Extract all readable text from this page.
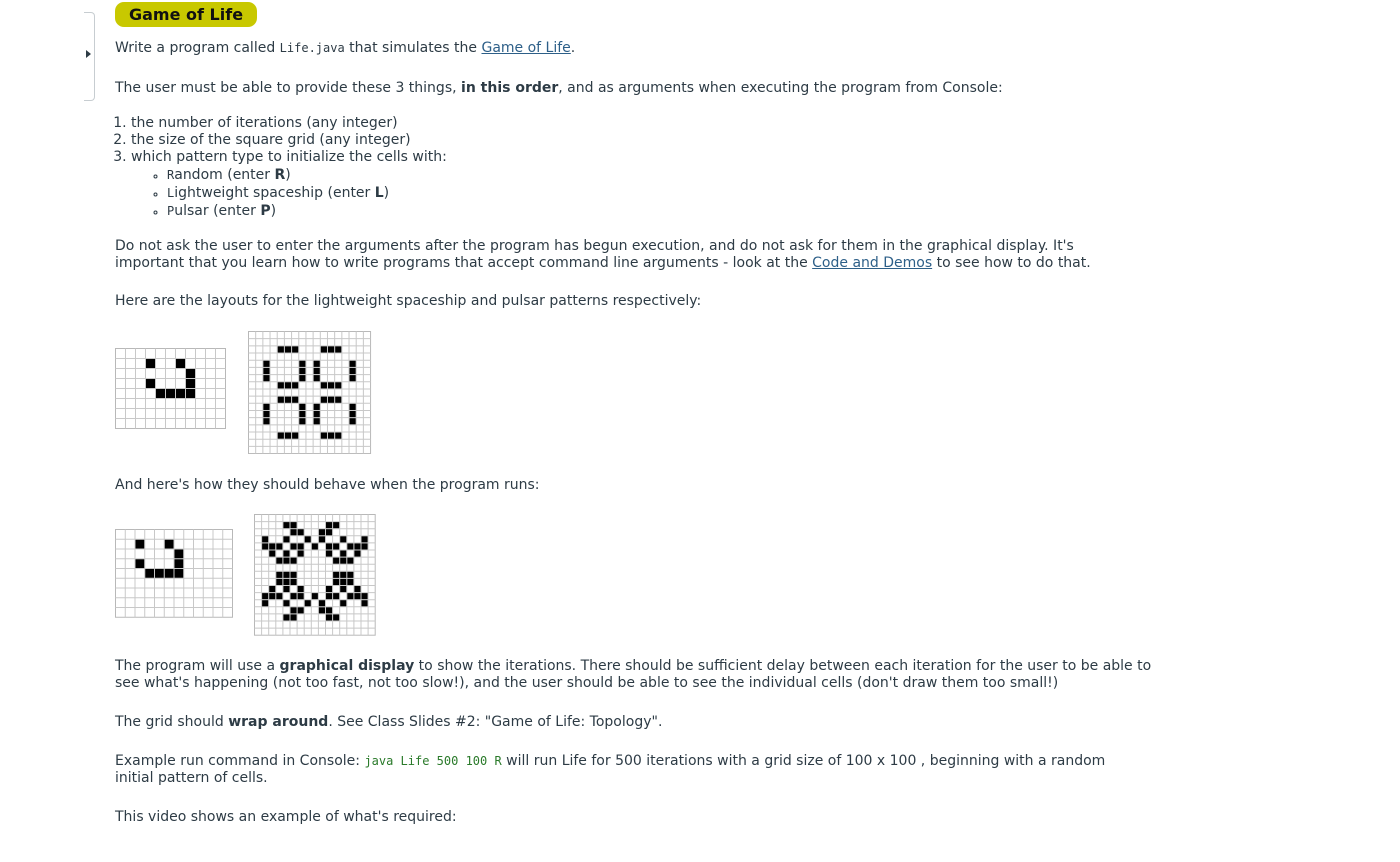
Game of Life

Write a program called Life.java that simulates the Game of Life.

The user must be able to provide these 3 things, in this order, and as arguments when executing the program from Console:

1. the number of iterations (any integer)
2. the size of the square grid (any integer)
3. which pattern type to initialize the cells with:
◦ Random (enter R)
◦ Lightweight spaceship (enter L)
◦ Pulsar (enter P)

Do not ask the user to enter the arguments after the program has begun execution, and do not ask for them in the graphical display. It's important that you learn how to write programs that accept command line arguments - look at the Code and Demos to see how to do that.

Here are the layouts for the lightweight spaceship and pulsar patterns respectively:

And here's how they should behave when the program runs:

The program will use a graphical display to show the iterations. There should be sufficient delay between each iteration for the user to be able to see what's happening (not too fast, not too slow!), and the user should be able to see the individual cells (don't draw them too small!)

The grid should wrap around. See Class Slides #2: "Game of Life: Topology".

Example run command in Console: java Life 500 100 R will run Life for 500 iterations with a grid size of 100 x 100 , beginning with a random initial pattern of cells.

This video shows an example of what's required:
